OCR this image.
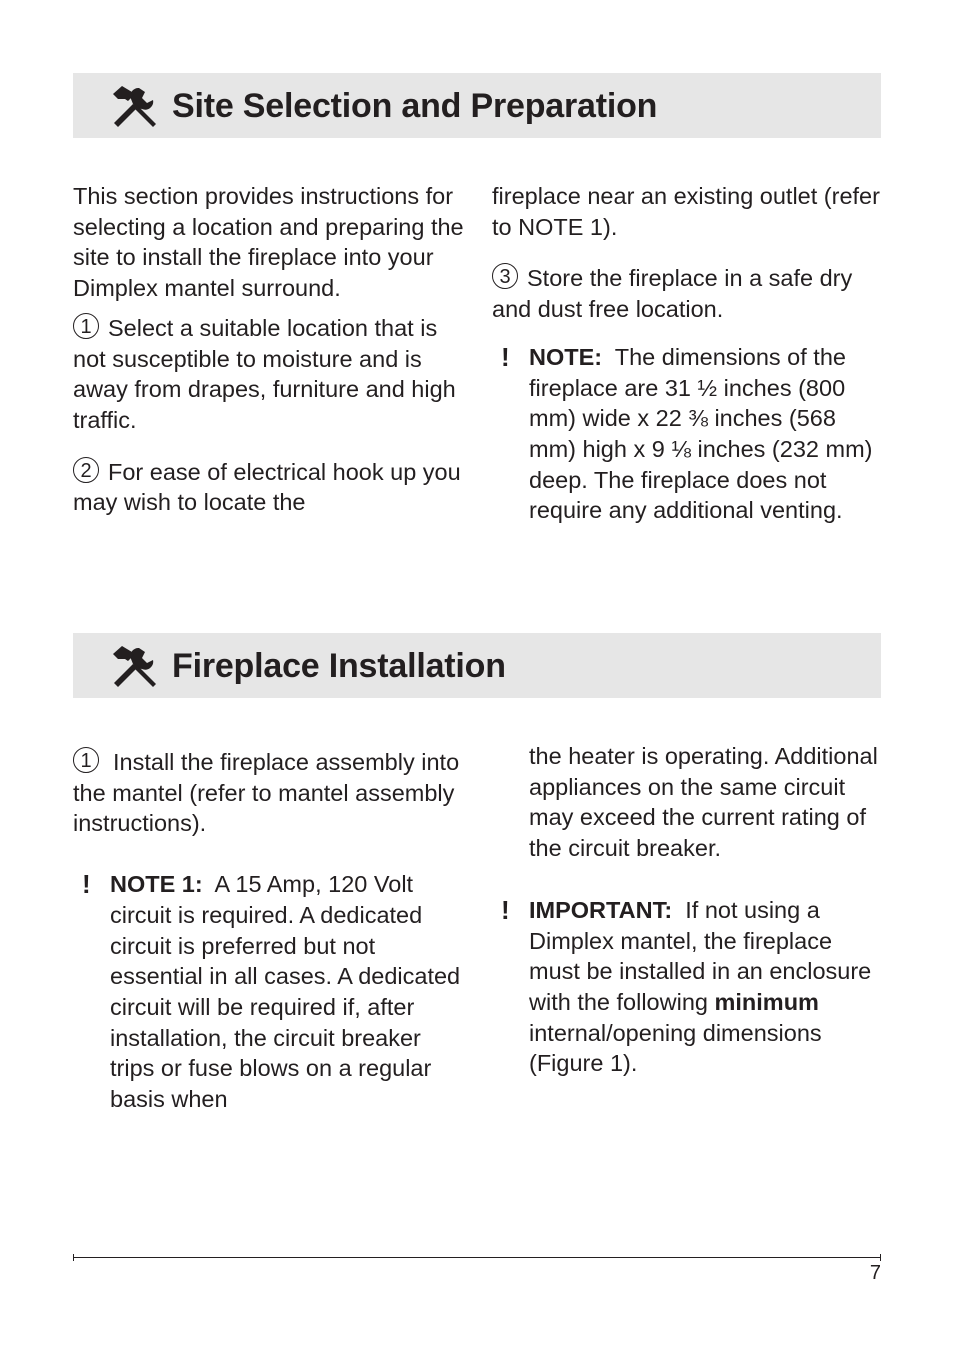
Site Selection and Preparation

This section provides instructions for selecting a location and preparing the site to install the fireplace into your Dimplex mantel surround.

1 Select a suitable location that is not susceptible to moisture and is away from drapes, furniture and high traffic.

2 For ease of electrical hook up you may wish to locate the

fireplace near an existing outlet (refer to NOTE 1).

3 Store the fireplace in a safe dry and dust free location.

! NOTE: The dimensions of the fireplace are 31 ½ inches (800 mm) wide x 22 ⅜ inches (568 mm) high x 9 ⅛ inches (232 mm) deep. The fireplace does not require any additional venting.

Fireplace Installation

1 Install the fireplace assembly into the mantel (refer to mantel assembly instructions).

! NOTE 1: A 15 Amp, 120 Volt circuit is required. A dedicated circuit is preferred but not essential in all cases. A dedicated circuit will be required if, after installation, the circuit breaker trips or fuse blows on a regular basis when

the heater is operating. Additional appliances on the same circuit may exceed the current rating of the circuit breaker.

! IMPORTANT: If not using a Dimplex mantel, the fireplace must be installed in an enclosure with the following minimum internal/opening dimensions (Figure 1).

7
